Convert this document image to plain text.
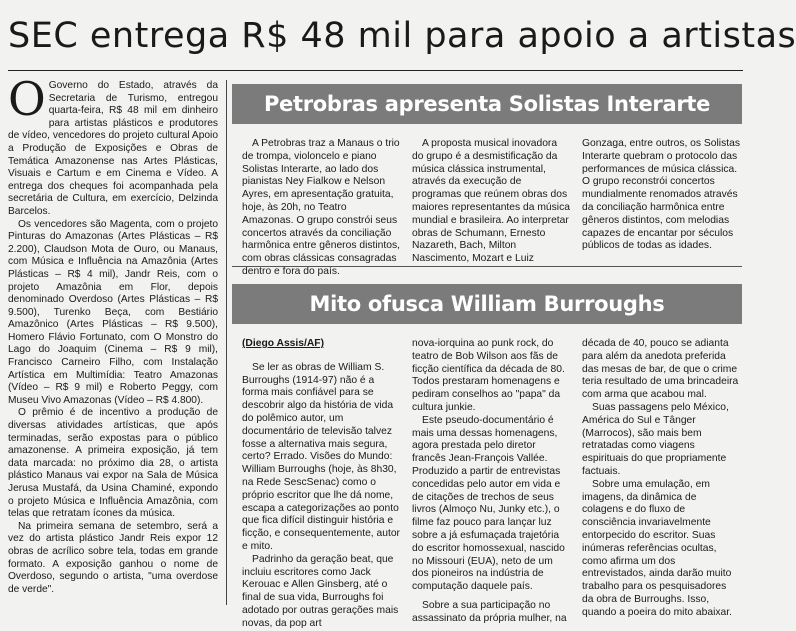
SEC entrega R$ 48 mil para apoio a artistas
O Governo do Estado, através da Secretaria de Turismo, entregou quarta-feira, R$ 48 mil em dinheiro para artistas plásticos e produtores de vídeo, vencedores do projeto cultural Apoio a Produção de Exposições e Obras de Temática Amazonense nas Artes Plásticas, Visuais e Cartum e em Cinema e Vídeo. A entrega dos cheques foi acompanhada pela secretária de Cultura, em exercício, Delzinda Barcelos.

Os vencedores são Magenta, com o projeto Pinturas do Amazonas (Artes Plásticas – R$ 2.200), Claudson Mota de Ouro, ou Manaus, com Música e Influência na Amazônia (Artes Plásticas – R$ 4 mil), Jandr Reis, com o projeto Amazônia em Flor, depois denominado Overdoso (Artes Plásticas – R$ 9.500), Turenko Beça, com Bestiário Amazônico (Artes Plásticas – R$ 9.500), Homero Flávio Fortunato, com O Monstro do Lago do Joaquim (Cinema – R$ 9 mil), Francisco Carneiro Filho, com Instalação Artística em Multimídia: Teatro Amazonas (Vídeo – R$ 9 mil) e Roberto Peggy, com Museu Vivo Amazonas (Vídeo – R$ 4.800).

O prêmio é de incentivo a produção de diversas atividades artísticas, que após terminadas, serão expostas para o público amazonense. A primeira exposição, já tem data marcada: no próximo dia 28, o artista plástico Manaus vai expor na Sala de Música Jerusa Mustafá, da Usina Chaminé, expondo o projeto Música e Influência Amazônia, com telas que retratam ícones da música.

Na primeira semana de setembro, será a vez do artista plástico Jandr Reis expor 12 obras de acrílico sobre tela, todas em grande formato. A exposição ganhou o nome de Overdoso, segundo o artista, "uma overdose de verde".

Petrobras apresenta Solistas Interarte

A Petrobras traz a Manaus o trio de trompa, violoncelo e piano Solistas Interarte, ao lado dos pianistas Ney Fialkow e Nelson Ayres, em apresentação gratuita, hoje, às 20h, no Teatro Amazonas. O grupo constrói seus concertos através da conciliação harmônica entre gêneros distintos, com obras clássicas consagradas dentro e fora do país.

A proposta musical inovadora do grupo é a desmistificação da música clássica instrumental, através da execução de programas que reúnem obras dos maiores representantes da música mundial e brasileira. Ao interpretar obras de Schumann, Ernesto Nazareth, Bach, Milton Nascimento, Mozart e Luiz

Gonzaga, entre outros, os Solistas Interarte quebram o protocolo das performances de música clássica. O grupo reconstrói concertos mundialmente renomados através da conciliação harmônica entre gêneros distintos, com melodias capazes de encantar por séculos públicos de todas as idades.

Mito ofusca William Burroughs

(Diego Assis/AF)

Se ler as obras de William S. Burroughs (1914-97) não é a forma mais confiável para se descobrir algo da história de vida do polêmico autor, um documentário de televisão talvez fosse a alternativa mais segura, certo? Errado. Visões do Mundo: William Burroughs (hoje, às 8h30, na Rede SescSenac) como o próprio escritor que lhe dá nome, escapa a categorizações ao ponto que fica difícil distinguir história e ficção, e consequentemente, autor e mito.

Padrinho da geração beat, que incluiu escritores como Jack Kerouac e Allen Ginsberg, até o final de sua vida, Burroughs foi adotado por outras gerações mais novas, da pop art

nova-iorquina ao punk rock, do teatro de Bob Wilson aos fãs de ficção científica da década de 80. Todos prestaram homenagens e pediram conselhos ao "papa" da cultura junkie.

Este pseudo-documentário é mais uma dessas homenagens, agora prestada pelo diretor francês Jean-François Vallée. Produzido a partir de entrevistas concedidas pelo autor em vida e de citações de trechos de seus livros (Almoço Nu, Junky etc.), o filme faz pouco para lançar luz sobre a já esfumaçada trajetória do escritor homossexual, nascido no Missouri (EUA), neto de um dos pioneiros na indústria de computação daquele país.

Sobre a sua participação no assassinato da própria mulher, na

década de 40, pouco se adianta para além da anedota preferida das mesas de bar, de que o crime teria resultado de uma brincadeira com arma que acabou mal.

Suas passagens pelo México, América do Sul e Tânger (Marrocos), são mais bem retratadas como viagens espirituais do que propriamente factuais.

Sobre uma emulação, em imagens, da dinâmica de colagens e do fluxo de consciência invariavelmente entorpecido do escritor. Suas inúmeras referências ocultas, como afirma um dos entrevistados, ainda darão muito trabalho para os pesquisadores da obra de Burroughs. Isso, quando a poeira do mito abaixar.
